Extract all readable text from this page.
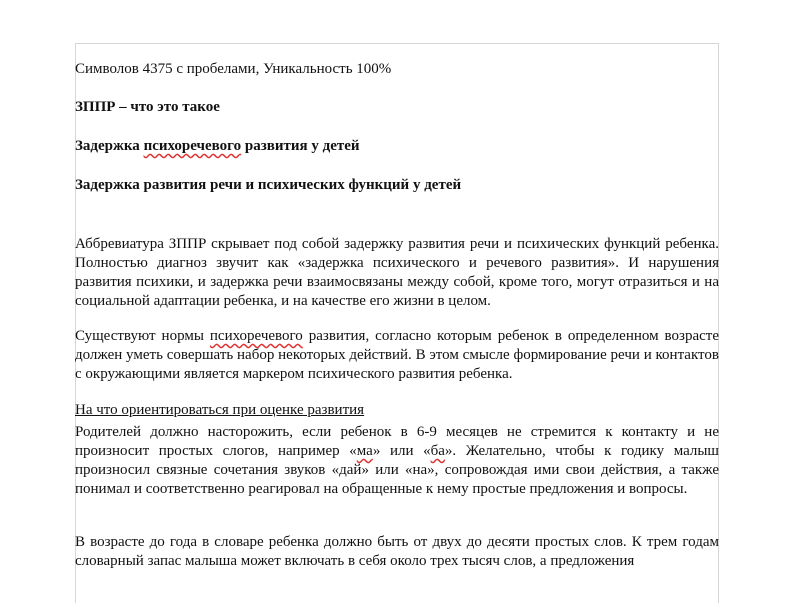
Символов 4375 с пробелами, Уникальность 100%
ЗППР – что это такое
Задержка психоречевого развития у детей
Задержка развития речи и психических функций у детей
Аббревиатура ЗППР скрывает под собой задержку развития речи и психических функций ребенка. Полностью диагноз звучит как «задержка психического и речевого развития». И нарушения развития психики, и задержка речи взаимосвязаны между собой, кроме того, могут отразиться и на социальной адаптации ребенка, и на качестве его жизни в целом.
Существуют нормы психоречевого развития, согласно которым ребенок в определенном возрасте должен уметь совершать набор некоторых действий. В этом смысле формирование речи и контактов с окружающими является маркером психического развития ребенка.
На что ориентироваться при оценке развития
Родителей должно насторожить, если ребенок в 6-9 месяцев не стремится к контакту и не произносит простых слогов, например «ма» или «ба». Желательно, чтобы к годику малыш произносил связные сочетания звуков «дай» или «на», сопровождая ими свои действия, а также понимал и соответственно реагировал на обращенные к нему простые предложения и вопросы.
В возрасте до года в словаре ребенка должно быть от двух до десяти простых слов. К трем годам словарный запас малыша может включать в себя около трех тысяч слов, а предложения
